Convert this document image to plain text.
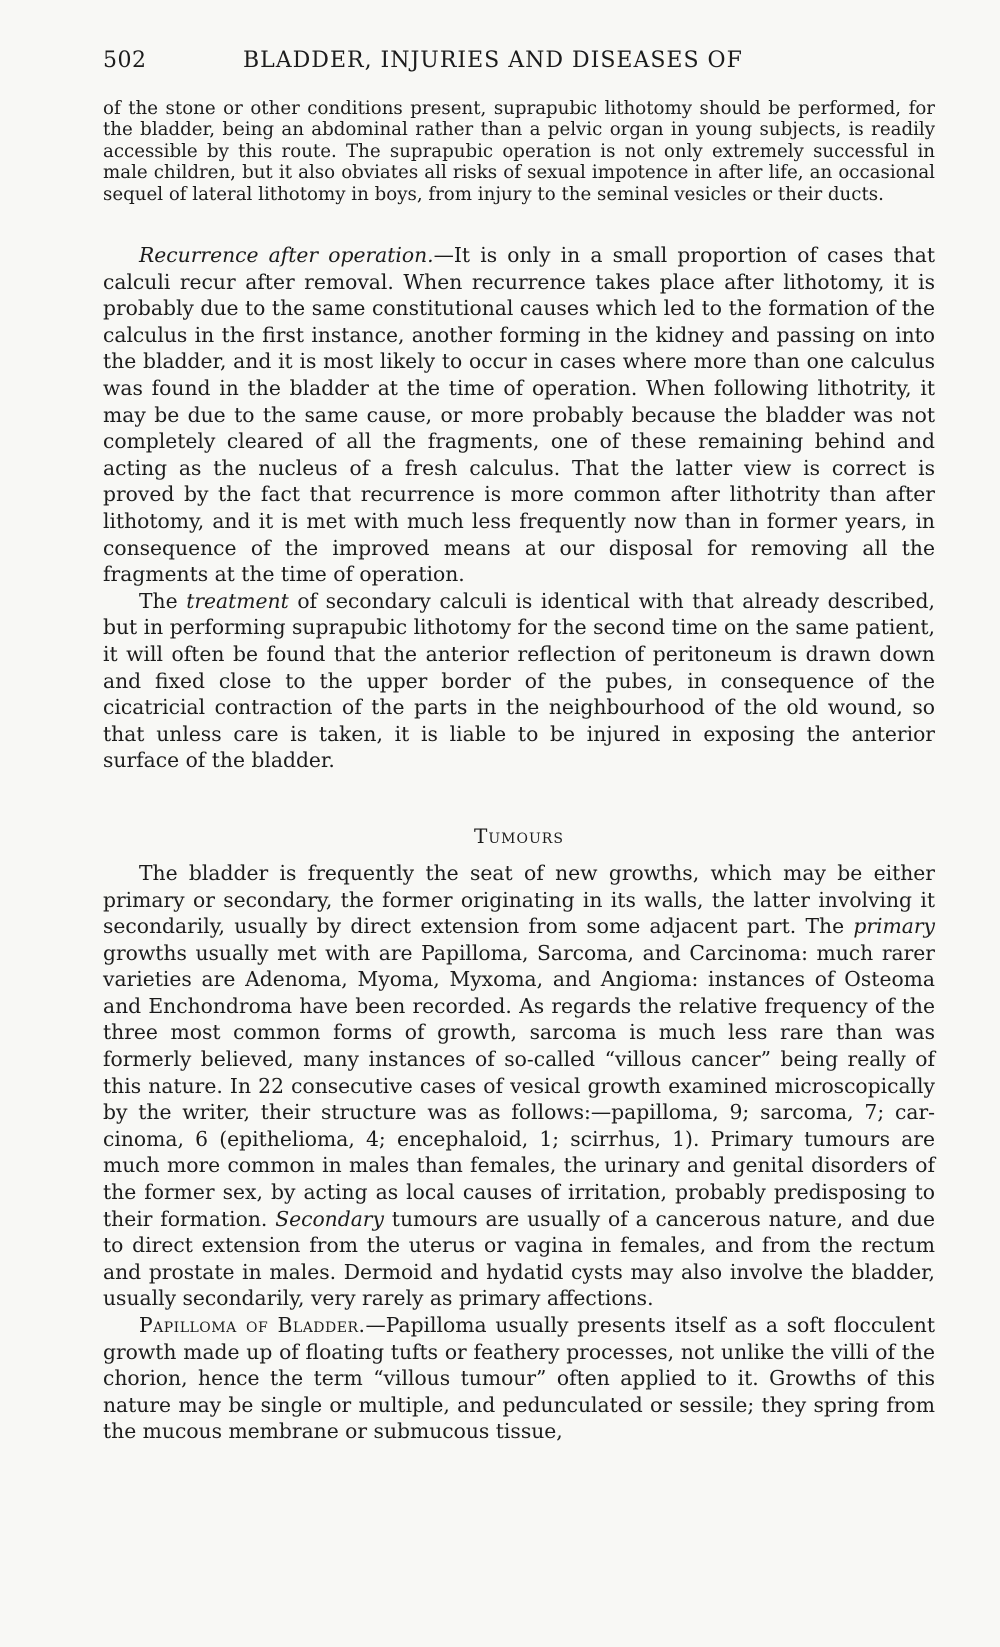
502	BLADDER, INJURIES AND DISEASES OF

of the stone or other conditions present, suprapubic lithotomy should be performed, for the bladder, being an abdominal rather than a pelvic organ in young subjects, is readily accessible by this route. The suprapubic operation is not only extremely successful in male children, but it also obviates all risks of sexual impotence in after life, an occasional sequel of lateral lithotomy in boys, from injury to the seminal vesicles or their ducts.

Recurrence after operation.—It is only in a small proportion of cases that calculi recur after removal. When recurrence takes place after lithotomy, it is probably due to the same constitutional causes which led to the formation of the calculus in the first instance, another forming in the kidney and passing on into the bladder, and it is most likely to occur in cases where more than one calculus was found in the bladder at the time of operation. When following lithotrity, it may be due to the same cause, or more probably because the bladder was not completely cleared of all the fragments, one of these remaining behind and acting as the nucleus of a fresh calculus. That the latter view is correct is proved by the fact that recurrence is more common after lithotrity than after lithotomy, and it is met with much less frequently now than in former years, in consequence of the improved means at our disposal for removing all the fragments at the time of operation.

The treatment of secondary calculi is identical with that already described, but in performing suprapubic lithotomy for the second time on the same patient, it will often be found that the anterior reflection of peritoneum is drawn down and fixed close to the upper border of the pubes, in consequence of the cicatricial contraction of the parts in the neighbourhood of the old wound, so that unless care is taken, it is liable to be injured in exposing the anterior surface of the bladder.

Tumours

The bladder is frequently the seat of new growths, which may be either primary or secondary, the former originating in its walls, the latter involving it secondarily, usually by direct extension from some adjacent part. The primary growths usually met with are Papilloma, Sarcoma, and Carcinoma: much rarer varieties are Adenoma, Myoma, Myxoma, and Angioma: instances of Osteoma and Enchondroma have been recorded. As regards the relative frequency of the three most common forms of growth, sarcoma is much less rare than was formerly believed, many instances of so-called “villous cancer” being really of this nature. In 22 consecutive cases of vesical growth examined microscopically by the writer, their structure was as follows:—papilloma, 9; sarcoma, 7; carcinoma, 6 (epithelioma, 4; encephaloid, 1; scirrhus, 1). Primary tumours are much more common in males than females, the urinary and genital disorders of the former sex, by acting as local causes of irritation, probably predisposing to their formation. Secondary tumours are usually of a cancerous nature, and due to direct extension from the uterus or vagina in females, and from the rectum and prostate in males. Dermoid and hydatid cysts may also involve the bladder, usually secondarily, very rarely as primary affections.

Papilloma of Bladder.—Papilloma usually presents itself as a soft flocculent growth made up of floating tufts or feathery processes, not unlike the villi of the chorion, hence the term “villous tumour” often applied to it. Growths of this nature may be single or multiple, and pedunculated or sessile; they spring from the mucous membrane or submucous tissue,
